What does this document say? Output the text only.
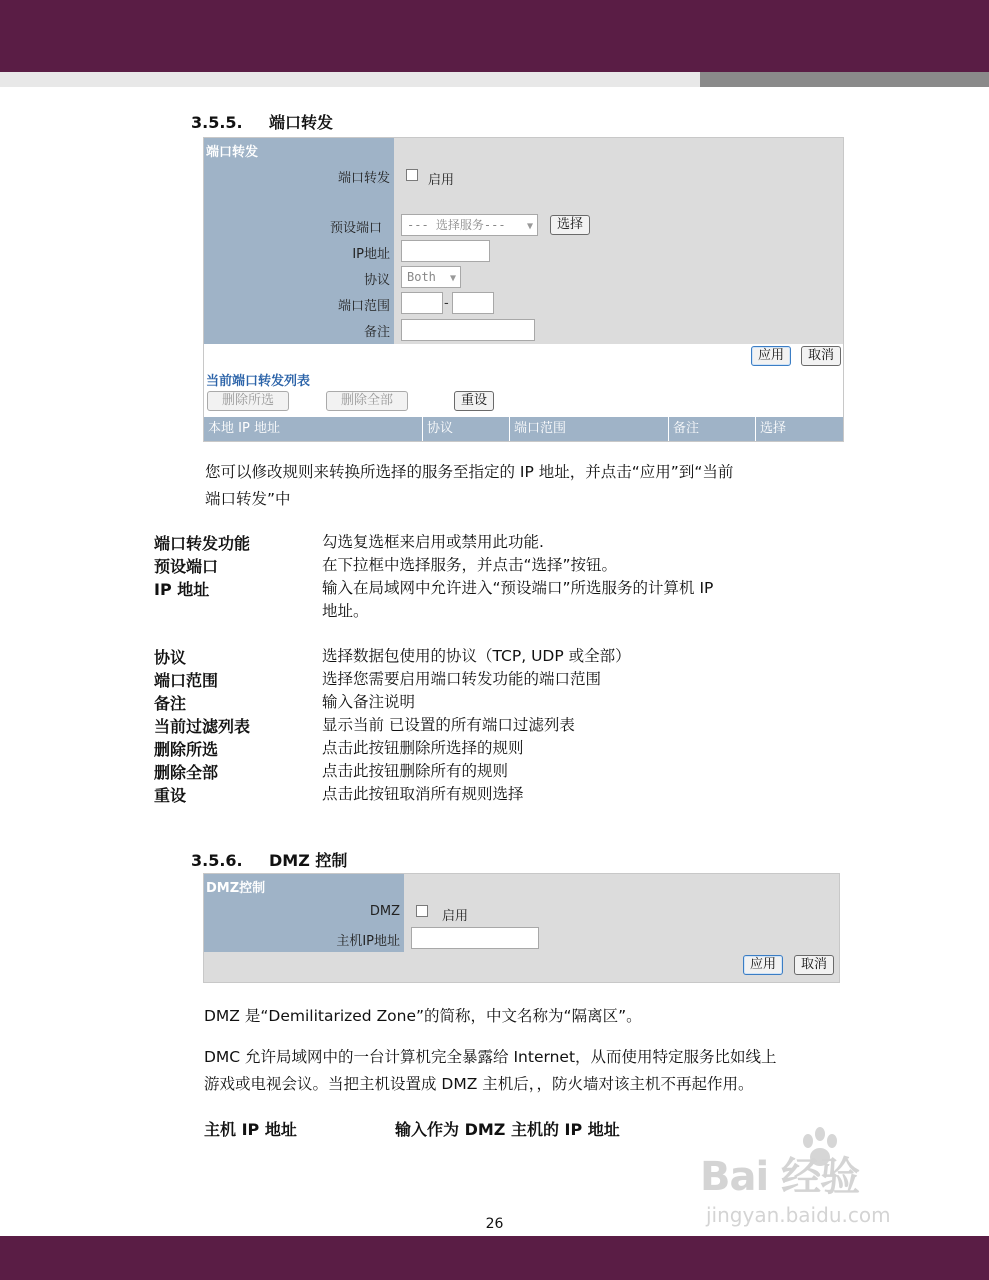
3.5.5. 端口转发
端口转发
端口转发	启用
预设端口	--- 选择服务--- ▼	选择
IP地址
协议	Both ▼
端口范围	-
备注
应用	取消
当前端口转发列表
删除所选	删除全部	重设
本地 IP 地址	协议	端口范围	备注	选择
您可以修改规则来转换所选择的服务至指定的 IP 地址，并点击“应用”到“当前
端口转发”中
端口转发功能	勾选复选框来启用或禁用此功能.
预设端口	在下拉框中选择服务，并点击“选择”按钮。
IP 地址	输入在局域网中允许进入“预设端口”所选服务的计算机 IP
地址。
协议	选择数据包使用的协议（TCP, UDP 或全部）
端口范围	选择您需要启用端口转发功能的端口范围
备注	输入备注说明
当前过滤列表	显示当前 已设置的所有端口过滤列表
删除所选	点击此按钮删除所选择的规则
删除全部	点击此按钮删除所有的规则
重设	点击此按钮取消所有规则选择
3.5.6. DMZ 控制
DMZ控制
DMZ	启用
主机IP地址
应用	取消
DMZ 是“Demilitarized Zone”的简称，中文名称为“隔离区”。
DMC 允许局域网中的一台计算机完全暴露给 Internet，从而使用特定服务比如线上
游戏或电视会议。当把主机设置成 DMZ 主机后，，防火墙对该主机不再起作用。
主机 IP 地址	输入作为 DMZ 主机的 IP 地址
Bai 经验
jingyan.baidu.com
26
